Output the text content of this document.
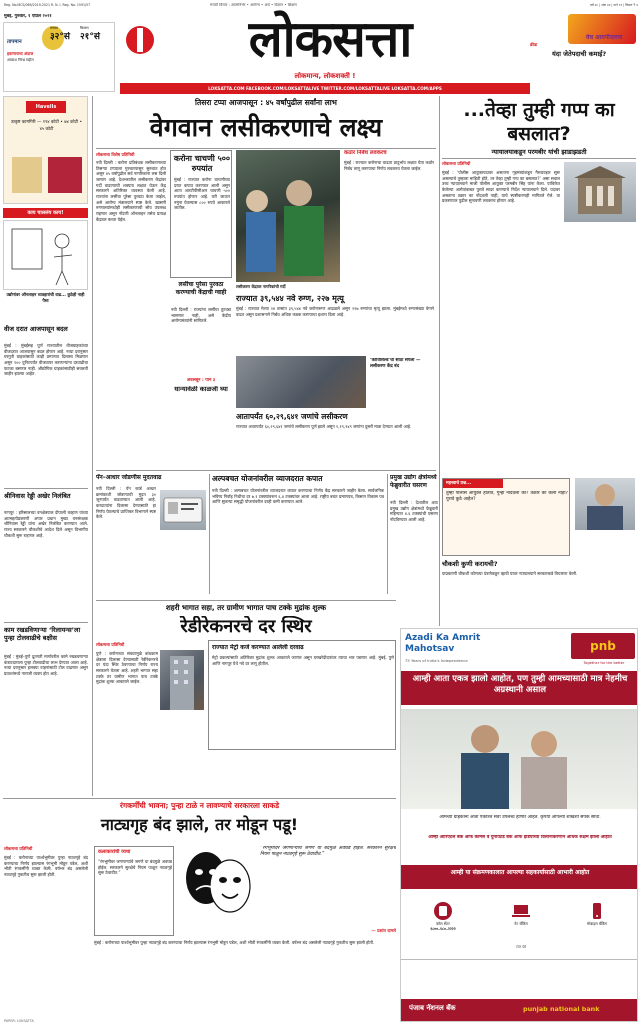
Reg. No.MCS/069/2019-2021 R. N. I. Reg. No. 1591/57	मराठी विचार : आत्मनिर्भर • आरोग्य • अर्थ • विज्ञान • शिक्षण	वर्ष ७० | अंक ४७ | पाने १२ | किंमत ₹ ७
मुंबई, गुरुवार, १ एप्रिल २०२१
कमाल
३२°से
किमान
२१°से
तापमान
हवामानाचा अंदाज
आकाश निरभ्र राहील	लोकसत्ता
लोकमान्य, लोकशक्ती !
क्रीडा
वेध आयपीएलचा
यंदा जेतेपदाची कमाई?
LOKSATTA.COM FACEBOOK.COM/LOKSATTALIVE TWITTER.COM/LOKSATTALIVE LOKSATTA.COM/APPS
Havells
उत्कृष्ट कामगिरी — १९४ कोटी • ७४ कोटी • ४५ कोटी
काय चाललंय काय!
उद्योगांवर ऑनलाइन व्यवहारांची वाढ... कुठेही नाही पैसा
वीज दरात आजपासून बदल
मुंबई : मुंबईसह पूर्ण राज्यातील वीजग्राहकांच्या वीजदरात आजपासून बदल होणार आहे. नव्या दरानुसार घरगुती ग्राहकांसाठी काही प्रमाणात दिलासा मिळणार असून १०० युनिटपर्यंत वीजवापर करणाऱ्यांना दरवाढीचा फटका बसणार नाही. औद्योगिक ग्राहकांसाठीही सवलती जाहीर झाल्या आहेत.
श्रीनिवास रेड्डी अखेर निलंबित
नागपूर : हरिसालच्या वनक्षेत्रपाल दीपाली चव्हाण यांच्या आत्महत्येप्रकरणी अप्पर प्रधान मुख्य वनसंरक्षक श्रीनिवास रेड्डी यांना अखेर निलंबित करण्यात आले. राज्य सरकारने चौकशीचे आदेश दिले असून विभागीय चौकशी सुरू राहणार आहे.
काम रखडविणाऱ्या ‘रिलायन्स’ला पुन्हा टोलवाढीचे बक्षीस
मुंबई : मुंबई–पुणे द्रुतगती मार्गावरील कामे रखडवणाऱ्या कंत्राटदाराला पुन्हा टोलवाढीचा लाभ देण्यात आला आहे. नव्या दरानुसार हलक्या वाहनांसाठी टोल वाढणार असून प्रवाशांमध्ये नाराजी व्यक्त होत आहे.
तिसरा टप्पा आजपासून : ४५ वर्षांपुढील सर्वांना लाभ
वेगवान लसीकरणाचे लक्ष्य
लोकसत्ता विशेष प्रतिनिधी
नवी दिल्ली : करोना प्रतिबंधक लसीकरणाच्या तिसऱ्या टप्प्याला गुरुवारपासून सुरुवात होत असून ४५ वर्षांपुढील सर्व नागरिकांना लस दिली जाणार आहे. देशभरातील लसीकरण केंद्रांवर गर्दी वाढण्याची शक्यता लक्षात घेऊन केंद्र सरकारने अतिरिक्त व्यवस्था केली आहे. राज्यांना लसींचा पुरेसा पुरवठा केला जाईल, असे आरोग्य मंत्रालयाने स्पष्ट केले. खासगी रुग्णालयांमध्येही लसीकरणाची सोय उपलब्ध राहणार असून नोंदणी ऑनलाइन तसेच प्रत्यक्ष केंद्रावर करता येईल.
करोना चाचणी ५०० रुपयांत
मुंबई : राज्यात करोना चाचणीच्या दरात कपात करण्यात आली असून आता आरटीपीसीआर चाचणी ५०० रुपयांत होणार आहे. घरी जाऊन नमुना घेतल्यास ८०० रुपये आकारले जातील.
लसींचा पुरेसा पुरवठा करण्याची केंद्राची ग्वाही
नवी दिल्ली : राज्यांना लसींचा तुटवडा भासणार नाही, असे केंद्रीय आरोग्यमंत्र्यांनी सांगितले.
अवलंबून : पान ३
धान्यावेळी काळजी घ्या
लसीकरण केंद्रावर नागरिकांची गर्दी
कठोर निर्बंध लवकरच
मुंबई : राज्यात करोनाचा वाढता प्रादुर्भाव लक्षात घेता कठोर निर्बंध लागू करण्याचा निर्णय लवकरच घेतला जाईल.
राज्यात ३९,५४४ नवे रुग्ण, २२७ मृत्यू
मुंबई : राज्यात गेल्या २४ तासांत ३९,५४४ नवे करोनारुग्ण आढळले असून २२७ रुग्णांचा मृत्यू झाला. मुंबईमध्ये रुग्णसंख्या वेगाने वाढत असून प्रशासनाने निर्बंध अधिक कडक करण्याचा इशारा दिला आहे.
‘कोविशिल्ड’चा साठा संपला — लसीकरण केंद्र बंद
आतापर्यंत ६०,२९,६४१ जणांचे लसीकरण
राज्यात आतापर्यंत ६०,२९,६४१ जणांचे लसीकरण पूर्ण झाले असून १,१९,९४९ जणांना दुसरी मात्रा देण्यात आली आहे.
...तेव्हा तुम्ही गप्प का बसलात?
न्यायालयाकडून परमबीर यांची झाडाझडती
लोकसत्ता प्रतिनिधी
मुंबई : ‘पोलीस आयुक्तपदावर असताना गृहमंत्र्यांकडून गैरव्यवहार सुरू असल्याचे तुम्हाला माहिती होते, तर तेव्हा तुम्ही गप्प का बसलात?’ असा सवाल उच्च न्यायालयाने माजी पोलीस आयुक्त परमबीर सिंह यांना केला. याचिकेत केलेल्या आरोपांबाबत पुरावे सादर करण्याचे निर्देश न्यायालयाने दिले. पदावर असताना तक्रार का नोंदवली नाही, याचे स्पष्टीकरणही मागितले गेले. या प्रकरणावर पुढील सुनावणी लवकरच होणार आहे.
महत्त्वाचे प्रश्न...
तुम्ही पोलीस आयुक्त होतात, गुन्हा नोंदवला का? तक्रार का केली नाही? पुरावे कुठे आहेत?
चौकशी कुणी करायची?
याप्रकरणी चौकशी कोणत्या यंत्रणेकडून व्हावी यावर न्यायालयाने सरकारकडे विचारणा केली.
पॅन–आधार जोडणीस मुदतवाढ
नवी दिल्ली : पॅन कार्ड आधार क्रमांकाशी जोडण्याची मुदत ३० जूनपर्यंत वाढवण्यात आली आहे. करदात्यांना दिलासा देण्यासाठी हा निर्णय घेतल्याचे प्राप्तिकर विभागाने स्पष्ट केले.
अल्पबचत योजनांवरील व्याजदरात कपात
नवी दिल्ली : अल्पबचत योजनांवरील व्याजदरात कपात करण्याचा निर्णय केंद्र सरकारने जाहीर केला. सार्वजनिक भविष्य निर्वाह निधीचा दर ७.१ टक्क्यांवरून ६.४ टक्क्यांवर आला आहे. राष्ट्रीय बचत प्रमाणपत्र, किसान विकास पत्र आणि सुकन्या समृद्धी योजनांवरील दरही कमी करण्यात आले.
प्रमुख उद्योग क्षेत्रांमध्ये फेब्रुवारीत घसरण
नवी दिल्ली : देशातील आठ प्रमुख उद्योग क्षेत्रांमध्ये फेब्रुवारी महिन्यात ४.६ टक्क्यांची घसरण नोंदविण्यात आली आहे.
शहरी भागात सहा, तर ग्रामीण भागात पाच टक्के मुद्रांक शुल्क
रेडीरेकनरचे दर स्थिर
लोकसत्ता प्रतिनिधी
पुणे : करोनाच्या संकटामुळे बांधकाम क्षेत्राला दिलासा देण्यासाठी रेडीरेकनरचे दर यंदा स्थिर ठेवण्याचा निर्णय राज्य सरकारने घेतला आहे. शहरी भागात सहा टक्के तर ग्रामीण भागात पाच टक्के मुद्रांक शुल्क आकारले जाईल.
राज्यात मेट्रो कर्ज करण्यात आलेली दरवाढ
मेट्रो प्रकल्पांसाठी अतिरिक्त मुद्रांक शुल्क आकारले जाणार असून घरखरेदीदारांवर त्याचा भार पडणार आहे. मुंबई, पुणे आणि नागपूर येथे नवे दर लागू होतील.
रंगकर्मींची भावना; पुन्हा टाळे न लावण्याचे सरकारला साकडे
नाट्यगृह बंद झाले, तर मोडून पडू!
लोकसत्ता प्रतिनिधी
मुंबई : करोनाच्या पार्श्वभूमीवर पुन्हा नाट्यगृहे बंद करण्याचा निर्णय झाल्यास रंगभूमी मोडून पडेल, अशी भीती रंगकर्मींनी व्यक्त केली. वर्षभर बंद असलेली नाट्यगृहे नुकतीच सुरू झाली होती.
कलाकारांची व्यथा
“रंगभूमीवर जगणाऱ्यांचे जगणे या बंदमुळे अवघड होईल. सरकारने सुरक्षेचे नियम पाळून नाट्यगृहे सुरू ठेवावीत.”
“रंगभूमीवर जगणाऱ्यांचे जगणे या बंदमुळे अवघड होईल. सरकारने सुरक्षेचे नियम पाळून नाट्यगृहे सुरू ठेवावीत.”
— प्रशांत दामले
मुंबई : करोनाच्या पार्श्वभूमीवर पुन्हा नाट्यगृहे बंद करण्याचा निर्णय झाल्यास रंगभूमी मोडून पडेल, अशी भीती रंगकर्मींनी व्यक्त केली. वर्षभर बंद असलेली नाट्यगृहे नुकतीच सुरू झाली होती.
Azadi Ka Amrit Mahotsav
75 Years of India's Independence
pnb
Together for the better
आम्ही आता एकत्र झालो आहोत, पण तुम्ही आमच्यासाठी मात्र नेहमीच अग्रस्थानी असाल
आमच्या ग्राहकांना आता एकत्रित सेवा उपलब्ध होणार आहेत. कृपया आपल्या शाखेशी संपर्क साधा.
आम्ही ओरिएंटल बँक ऑफ कॉमर्स व युनायटेड बँक ऑफ इंडियाच्या विलीनीकरणाने अधिक सक्षम झालो आहोत
आम्ही या संक्रमणकालात आपल्या सहकार्यासाठी आभारी आहोत
कॉल सेंटर
१८००–१८०–२२२२
नेट बँकिंग	मोबाइल बँकिंग
टोल फ्री
पंजाब नॅशनल बँक	punjab national bank
PAPER: LOKSATTA
